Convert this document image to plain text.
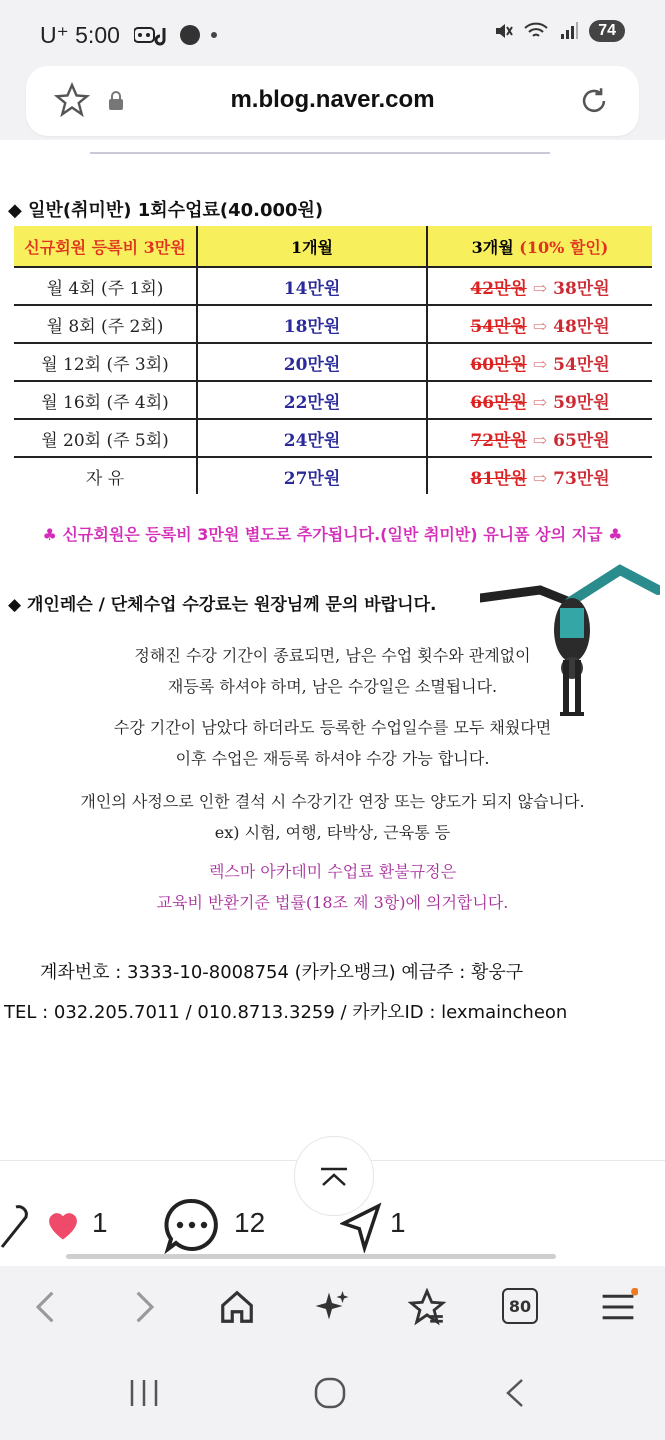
U⁺ 5:00	74
m.blog.naver.com
◆ 일반(취미반) 1회수업료(40.000원)
신규회원 등록비 3만원	1개월	3개월 (10% 할인)
월 4회 (주 1회)	14만원	42만원 ⇨ 38만원
월 8회 (주 2회)	18만원	54만원 ⇨ 48만원
월 12회 (주 3회)	20만원	60만원 ⇨ 54만원
월 16회 (주 4회)	22만원	66만원 ⇨ 59만원
월 20회 (주 5회)	24만원	72만원 ⇨ 65만원
자 유	27만원	81만원 ⇨ 73만원
♣ 신규회원은 등록비 3만원 별도로 추가됩니다.(일반 취미반) 유니폼 상의 지급 ♣
◆ 개인레슨 / 단체수업 수강료는 원장님께 문의 바랍니다.
정해진 수강 기간이 종료되면, 남은 수업 횟수와 관계없이
재등록 하셔야 하며, 남은 수강일은 소멸됩니다.
수강 기간이 남았다 하더라도 등록한 수업일수를 모두 채웠다면
이후 수업은 재등록 하셔야 수강 가능 합니다.
개인의 사정으로 인한 결석 시 수강기간 연장 또는 양도가 되지 않습니다.
ex) 시험, 여행, 타박상, 근육통 등
렉스마 아카데미 수업료 환불규정은
교육비 반환기준 법률(18조 제 3항)에 의거합니다.
계좌번호 : 3333-10-8008754 (카카오뱅크) 예금주 : 황웅구
TEL : 032.205.7011 / 010.8713.3259 / 카카오ID : lexmaincheon
1	12	1
80
